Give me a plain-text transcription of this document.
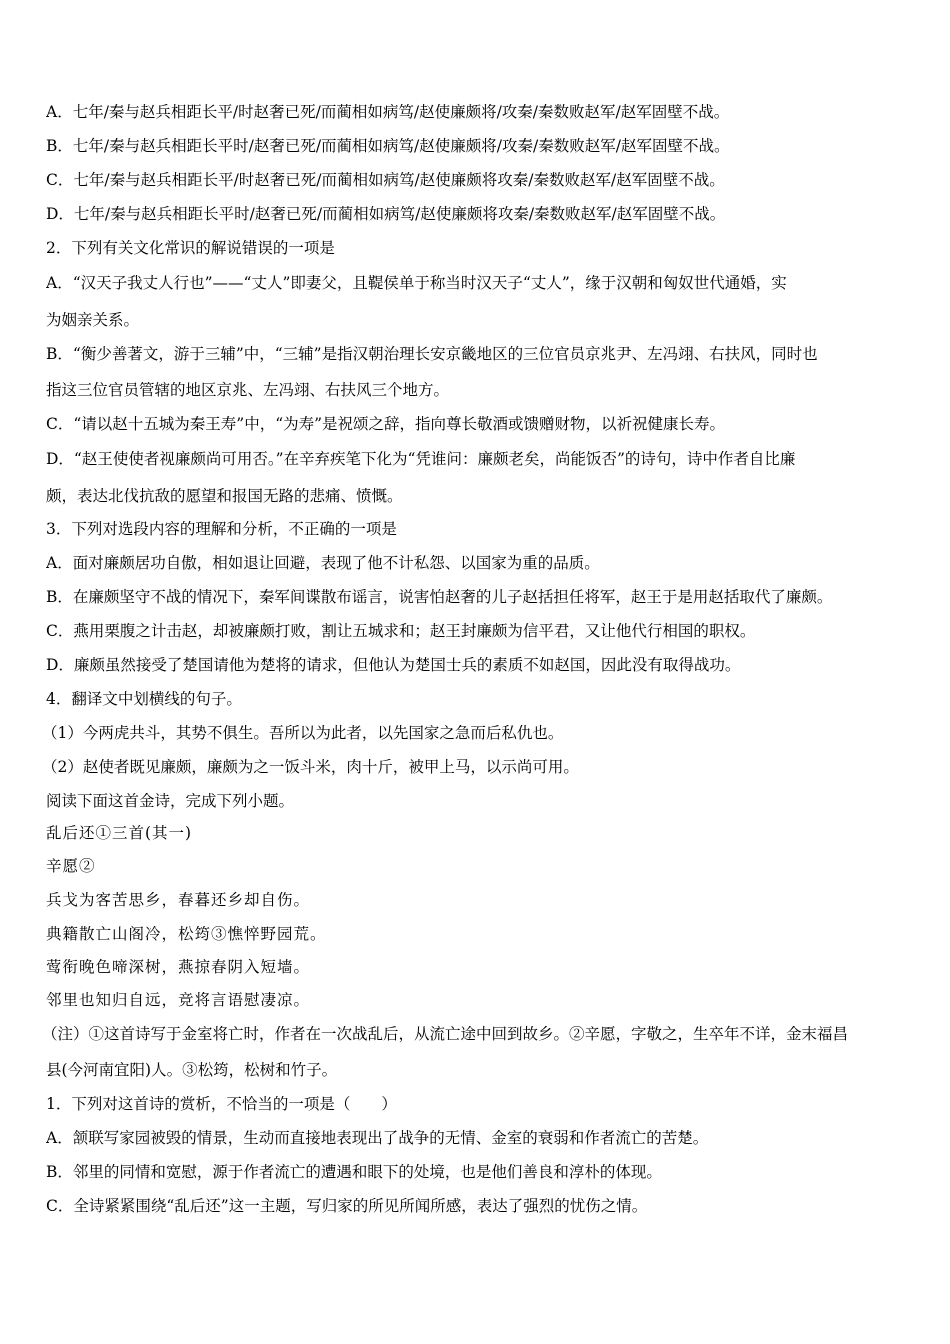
A．七年/秦与赵兵相距长平/时赵奢已死/而蔺相如病笃/赵使廉颇将/攻秦/秦数败赵军/赵军固壁不战。
B．七年/秦与赵兵相距长平时/赵奢已死/而蔺相如病笃/赵使廉颇将/攻秦/秦数败赵军/赵军固壁不战。
C．七年/秦与赵兵相距长平/时赵奢已死/而蔺相如病笃/赵使廉颇将攻秦/秦数败赵军/赵军固壁不战。
D．七年/秦与赵兵相距长平时/赵奢已死/而蔺相如病笃/赵使廉颇将攻秦/秦数败赵军/赵军固壁不战。
2．下列有关文化常识的解说错误的一项是
A．“汉天子我丈人行也”——“丈人”即妻父，且鞮侯单于称当时汉天子“丈人”，缘于汉朝和匈奴世代通婚，实
为姻亲关系。
B．“衡少善著文，游于三辅”中，“三辅”是指汉朝治理长安京畿地区的三位官员京兆尹、左冯翊、右扶风，同时也
指这三位官员管辖的地区京兆、左冯翊、右扶风三个地方。
C．“请以赵十五城为秦王寿”中，“为寿”是祝颂之辞，指向尊长敬酒或馈赠财物，以祈祝健康长寿。
D．“赵王使使者视廉颇尚可用否。”在辛弃疾笔下化为“凭谁问：廉颇老矣，尚能饭否”的诗句，诗中作者自比廉
颇，表达北伐抗敌的愿望和报国无路的悲痛、愤慨。
3．下列对选段内容的理解和分析，不正确的一项是
A．面对廉颇居功自傲，相如退让回避，表现了他不计私怨、以国家为重的品质。
B．在廉颇坚守不战的情况下，秦军间谍散布谣言，说害怕赵奢的儿子赵括担任将军，赵王于是用赵括取代了廉颇。
C．燕用栗腹之计击赵，却被廉颇打败，割让五城求和；赵王封廉颇为信平君，又让他代行相国的职权。
D．廉颇虽然接受了楚国请他为楚将的请求，但他认为楚国士兵的素质不如赵国，因此没有取得战功。
4．翻译文中划横线的句子。
（1）今两虎共斗，其势不俱生。吾所以为此者，以先国家之急而后私仇也。
（2）赵使者既见廉颇，廉颇为之一饭斗米，肉十斤，被甲上马，以示尚可用。
阅读下面这首金诗，完成下列小题。
乱后还①三首(其一)
辛愿②
兵戈为客苦思乡，春暮还乡却自伤。
典籍散亡山阁冷，松筠③憔悴野园荒。
莺衔晚色啼深树，燕掠春阴入短墙。
邻里也知归自远，竞将言语慰凄凉。
（注）①这首诗写于金室将亡时，作者在一次战乱后，从流亡途中回到故乡。②辛愿，字敬之，生卒年不详，金末福昌
县(今河南宜阳)人。③松筠，松树和竹子。
1．下列对这首诗的赏析，不恰当的一项是（　　）
A．颔联写家园被毁的情景，生动而直接地表现出了战争的无情、金室的衰弱和作者流亡的苦楚。
B．邻里的同情和宽慰，源于作者流亡的遭遇和眼下的处境，也是他们善良和淳朴的体现。
C．全诗紧紧围绕“乱后还”这一主题，写归家的所见所闻所感，表达了强烈的忧伤之情。
